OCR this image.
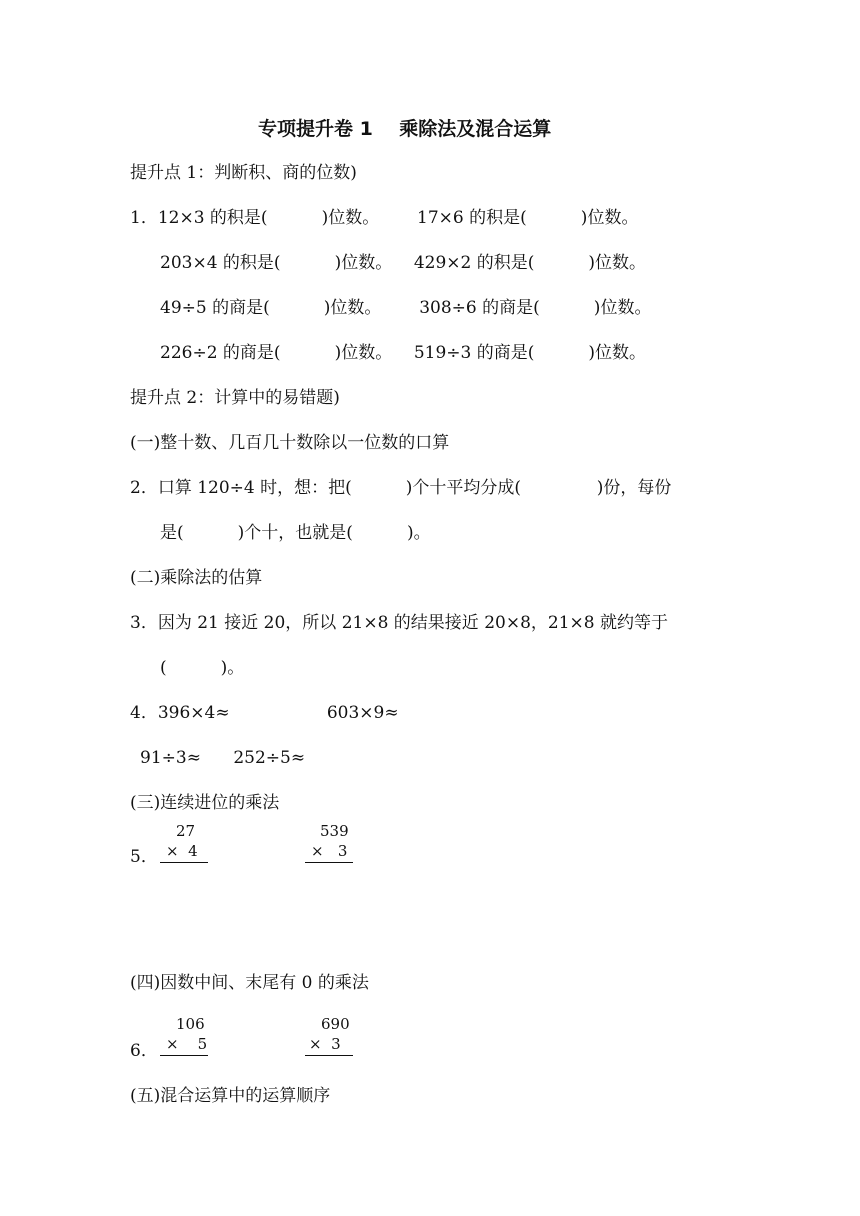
专项提升卷 1    乘除法及混合运算
提升点 1：判断积、商的位数)
1．12×3 的积是(          )位数。       17×6 的积是(          )位数。
203×4 的积是(          )位数。    429×2 的积是(          )位数。
49÷5 的商是(          )位数。       308÷6 的商是(          )位数。
226÷2 的商是(          )位数。    519÷3 的商是(          )位数。
提升点 2：计算中的易错题)
(一)整十数、几百几十数除以一位数的口算
2．口算 120÷4 时，想：把(          )个十平均分成(              )份，每份
是(          )个十，也就是(          )。
(二)乘除法的估算
3．因为 21 接近 20，所以 21×8 的结果接近 20×8，21×8 就约等于
(          )。
4．396×4≈                  603×9≈
91÷3≈      252÷5≈
(三)连续进位的乘法
5．
27
×  4
539
×   3
(四)因数中间、末尾有 0 的乘法
6．
106
×    5
690
×  3
(五)混合运算中的运算顺序
